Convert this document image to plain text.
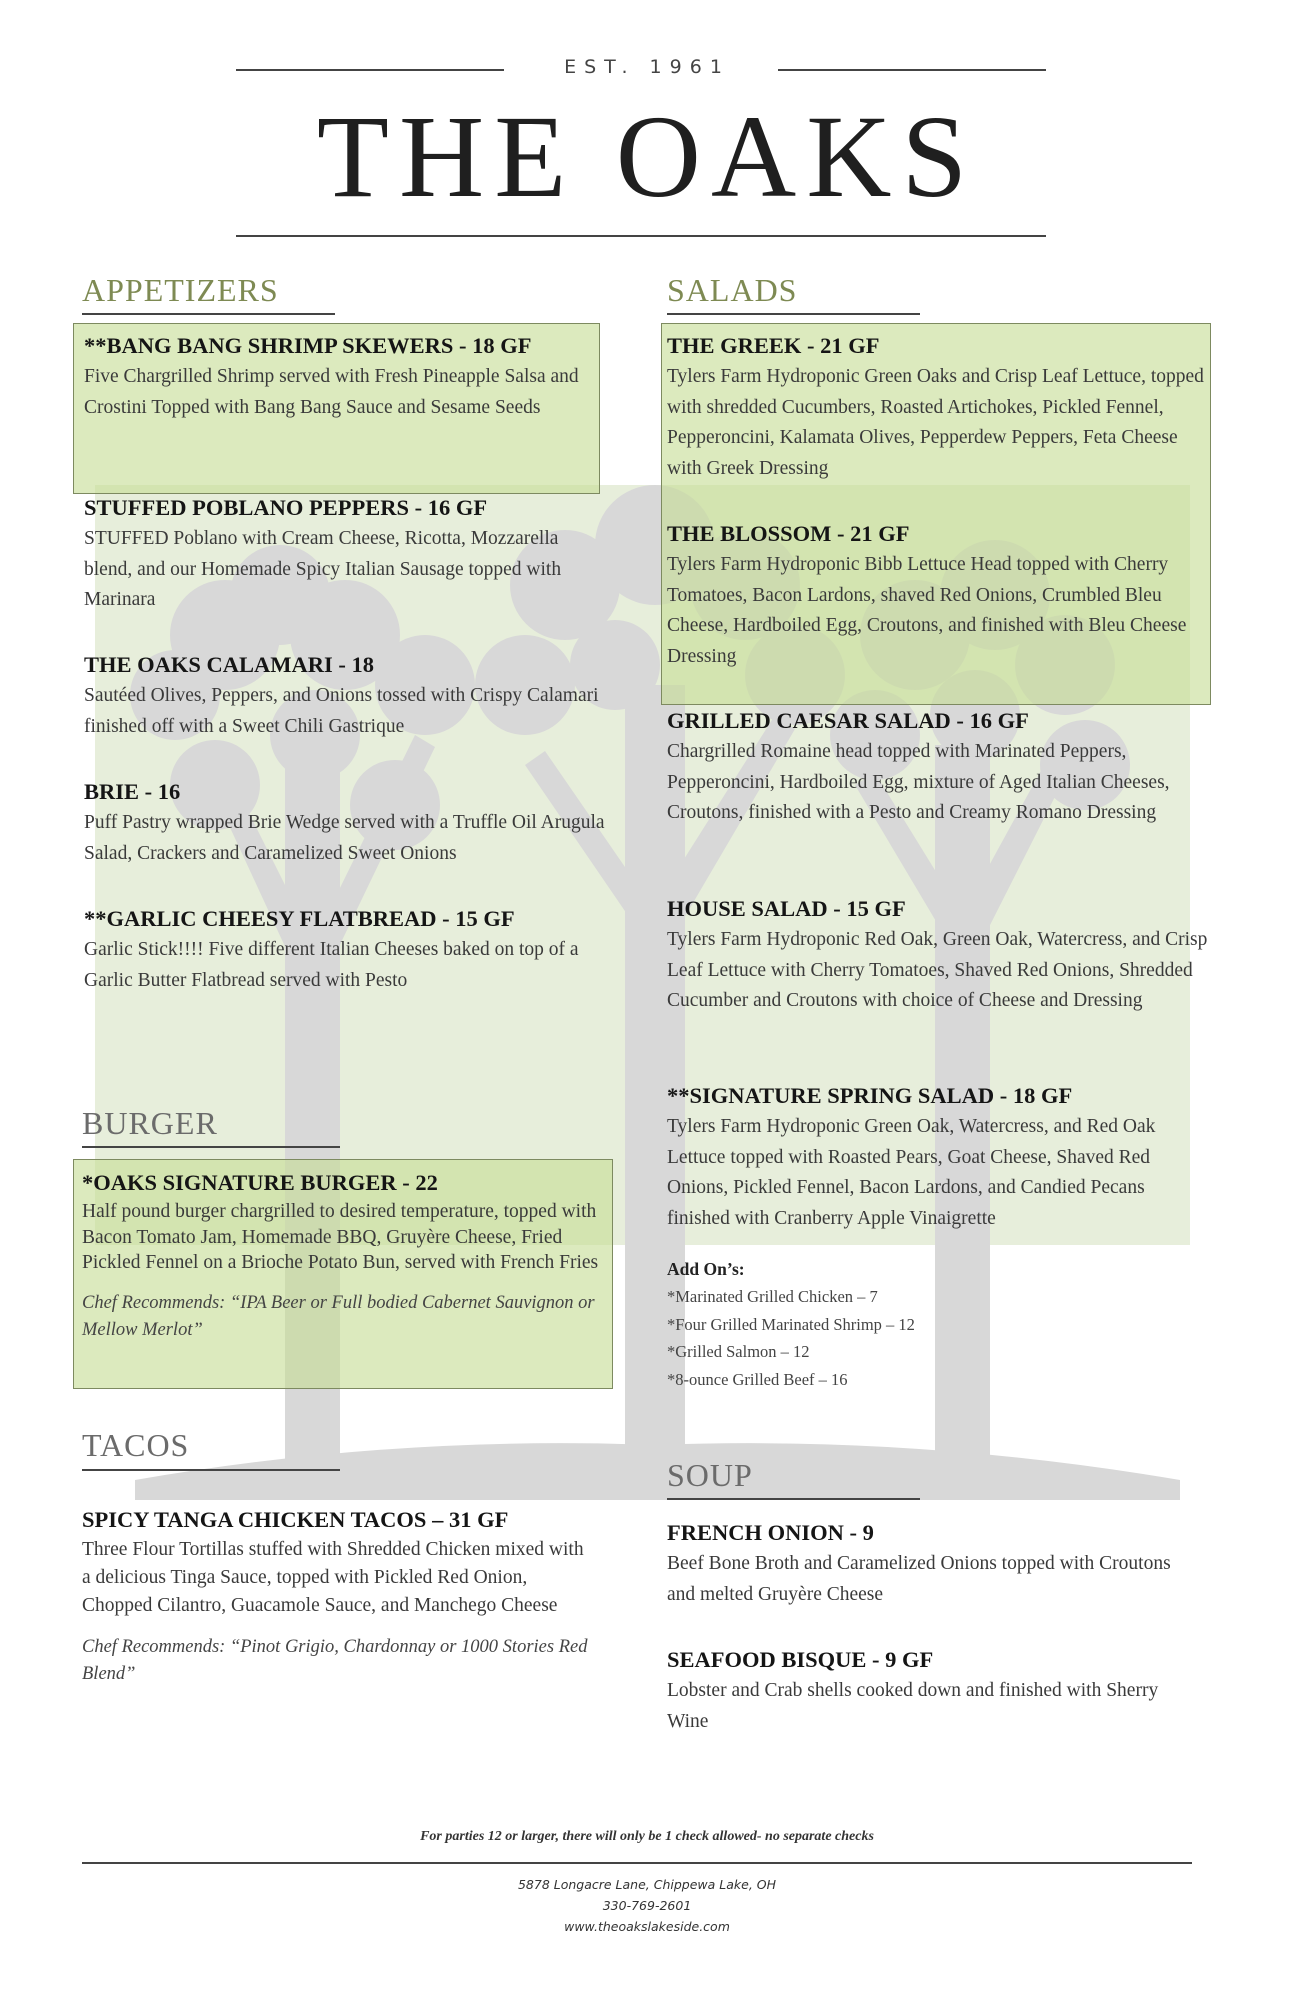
EST. 1961
THE OAKS
APPETIZERS
**BANG BANG SHRIMP SKEWERS - 18 GF
Five Chargrilled Shrimp served with Fresh Pineapple Salsa and Crostini Topped with Bang Bang Sauce and Sesame Seeds
STUFFED POBLANO PEPPERS - 16 GF
STUFFED Poblano with Cream Cheese, Ricotta, Mozzarella blend, and our Homemade Spicy Italian Sausage topped with Marinara
THE OAKS CALAMARI - 18
Sautéed Olives, Peppers, and Onions tossed with Crispy Calamari finished off with a Sweet Chili Gastrique
BRIE - 16
Puff Pastry wrapped Brie Wedge served with a Truffle Oil Arugula Salad, Crackers and Caramelized Sweet Onions
**GARLIC CHEESY FLATBREAD - 15 GF
Garlic Stick!!!! Five different Italian Cheeses baked on top of a Garlic Butter Flatbread served with Pesto
BURGER
*OAKS SIGNATURE BURGER - 22
Half pound burger chargrilled to desired temperature, topped with Bacon Tomato Jam, Homemade BBQ, Gruyère Cheese, Fried Pickled Fennel on a Brioche Potato Bun, served with French Fries
Chef Recommends: “IPA Beer or Full bodied Cabernet Sauvignon or Mellow Merlot”
TACOS
SPICY TANGA CHICKEN TACOS – 31 GF
Three Flour Tortillas stuffed with Shredded Chicken mixed with a delicious Tinga Sauce, topped with Pickled Red Onion, Chopped Cilantro, Guacamole Sauce, and Manchego Cheese
Chef Recommends: “Pinot Grigio, Chardonnay or 1000 Stories Red Blend”
SALADS
THE GREEK - 21 GF
Tylers Farm Hydroponic Green Oaks and Crisp Leaf Lettuce, topped with shredded Cucumbers, Roasted Artichokes, Pickled Fennel, Pepperoncini, Kalamata Olives, Pepperdew Peppers, Feta Cheese with Greek Dressing
THE BLOSSOM - 21 GF
Tylers Farm Hydroponic Bibb Lettuce Head topped with Cherry Tomatoes, Bacon Lardons, shaved Red Onions, Crumbled Bleu Cheese, Hardboiled Egg, Croutons, and finished with Bleu Cheese Dressing
GRILLED CAESAR SALAD - 16 GF
Chargrilled Romaine head topped with Marinated Peppers, Pepperoncini, Hardboiled Egg, mixture of Aged Italian Cheeses, Croutons, finished with a Pesto and Creamy Romano Dressing
HOUSE SALAD - 15 GF
Tylers Farm Hydroponic Red Oak, Green Oak, Watercress, and Crisp Leaf Lettuce with Cherry Tomatoes, Shaved Red Onions, Shredded Cucumber and Croutons with choice of Cheese and Dressing
**SIGNATURE SPRING SALAD - 18 GF
Tylers Farm Hydroponic Green Oak, Watercress, and Red Oak Lettuce topped with Roasted Pears, Goat Cheese, Shaved Red Onions, Pickled Fennel, Bacon Lardons, and Candied Pecans finished with Cranberry Apple Vinaigrette
Add On’s:
*Marinated Grilled Chicken – 7
*Four Grilled Marinated Shrimp – 12
*Grilled Salmon – 12
*8-ounce Grilled Beef – 16
SOUP
FRENCH ONION - 9
Beef Bone Broth and Caramelized Onions topped with Croutons and melted Gruyère Cheese
SEAFOOD BISQUE - 9 GF
Lobster and Crab shells cooked down and finished with Sherry Wine
For parties 12 or larger, there will only be 1 check allowed- no separate checks
5878 Longacre Lane, Chippewa Lake, OH
330-769-2601
www.theoakslakeside.com
